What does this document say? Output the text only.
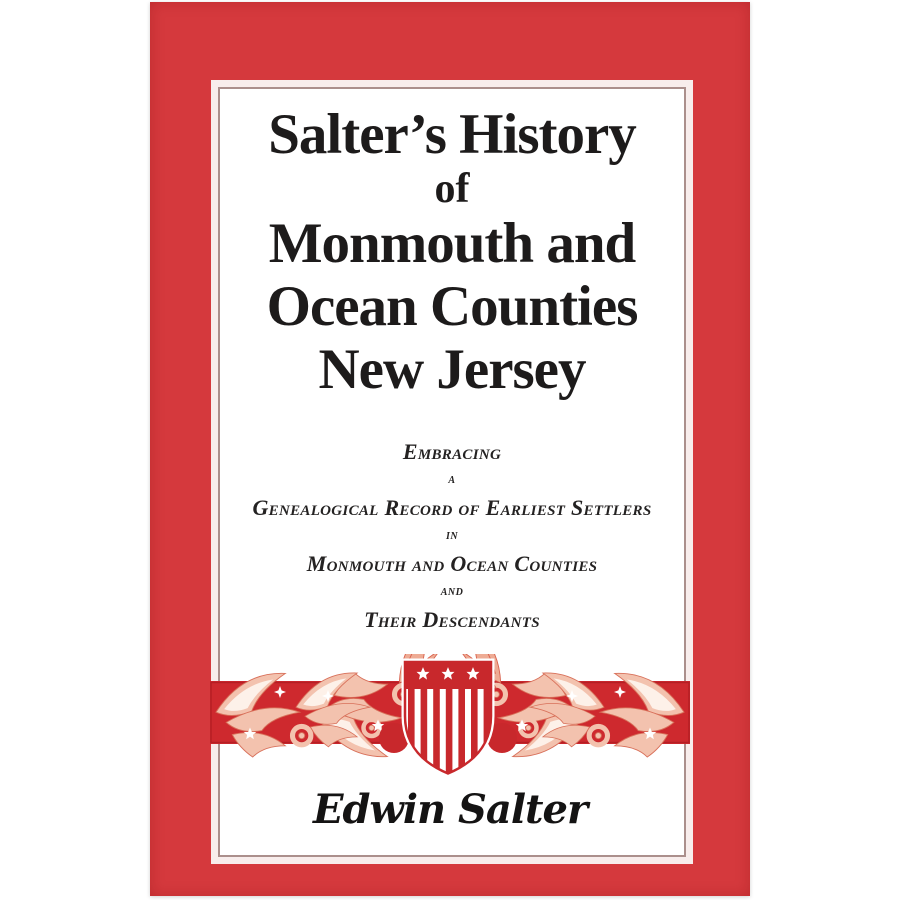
Salter’s History
of
Monmouth and
Ocean Counties
New Jersey
Embracing
a
Genealogical Record of Earliest Settlers
in
Monmouth and Ocean Counties
and
Their Descendants
Edwin Salter
